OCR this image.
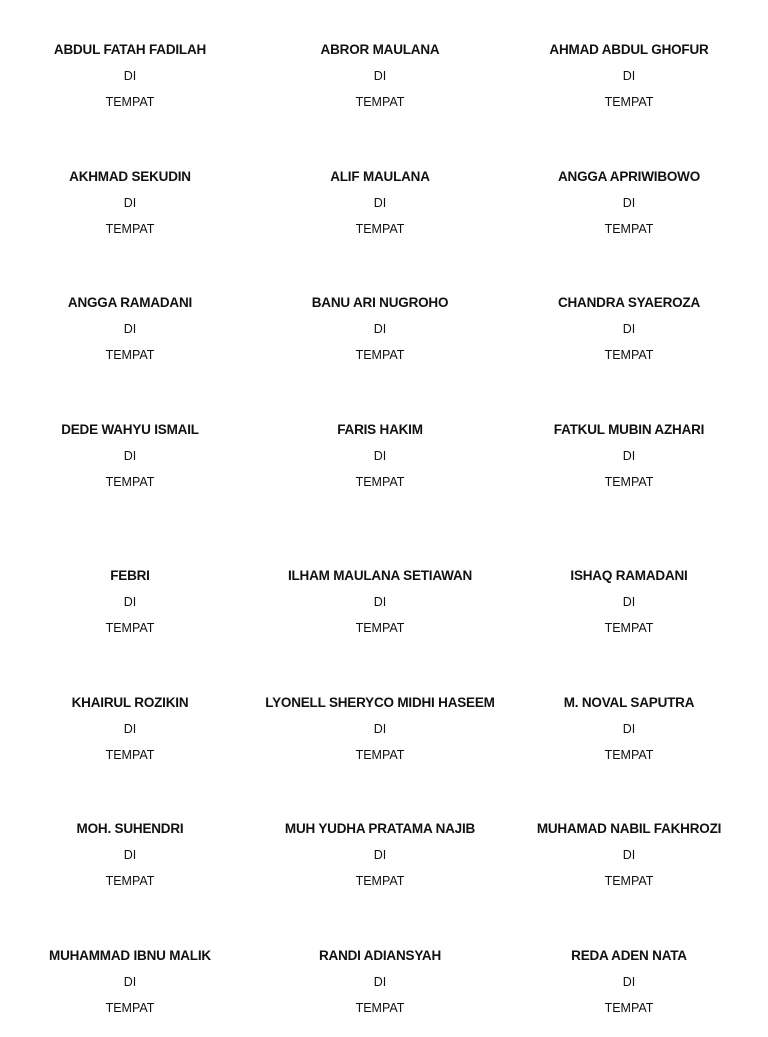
ABDUL FATAH FADILAH
DI
TEMPAT
ABROR MAULANA
DI
TEMPAT
AHMAD ABDUL GHOFUR
DI
TEMPAT
AKHMAD SEKUDIN
DI
TEMPAT
ALIF MAULANA
DI
TEMPAT
ANGGA APRIWIBOWO
DI
TEMPAT
ANGGA RAMADANI
DI
TEMPAT
BANU ARI NUGROHO
DI
TEMPAT
CHANDRA SYAEROZA
DI
TEMPAT
DEDE WAHYU ISMAIL
DI
TEMPAT
FARIS HAKIM
DI
TEMPAT
FATKUL MUBIN AZHARI
DI
TEMPAT
FEBRI
DI
TEMPAT
ILHAM MAULANA SETIAWAN
DI
TEMPAT
ISHAQ RAMADANI
DI
TEMPAT
KHAIRUL ROZIKIN
DI
TEMPAT
LYONELL SHERYCO MIDHI HASEEM
DI
TEMPAT
M. NOVAL SAPUTRA
DI
TEMPAT
MOH. SUHENDRI
DI
TEMPAT
MUH YUDHA PRATAMA NAJIB
DI
TEMPAT
MUHAMAD NABIL FAKHROZI
DI
TEMPAT
MUHAMMAD IBNU MALIK
DI
TEMPAT
RANDI ADIANSYAH
DI
TEMPAT
REDA ADEN NATA
DI
TEMPAT
